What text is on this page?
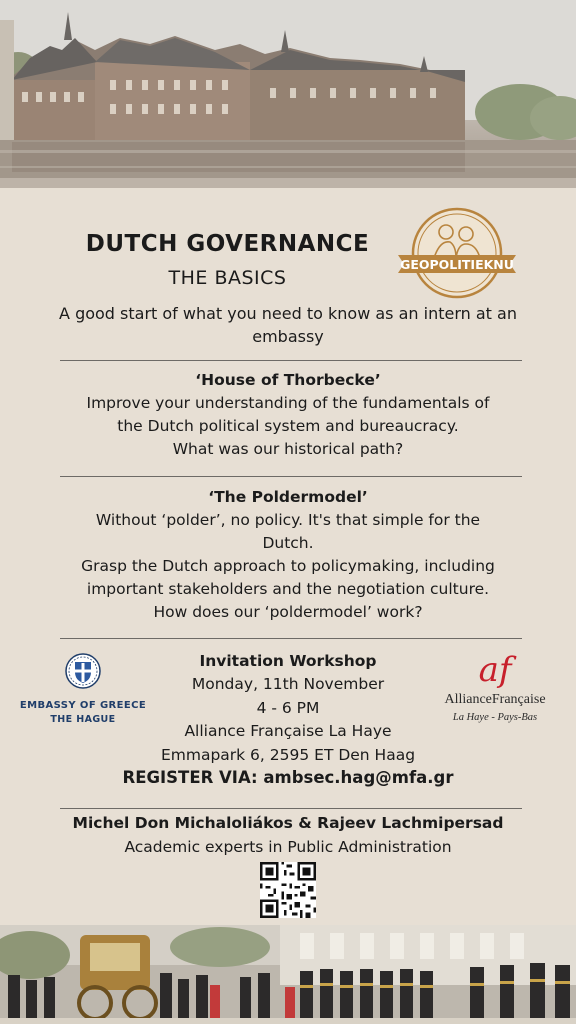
DUTCH GOVERNANCE
THE BASICS
GEOPOLITIEKNU
A good start of what you need to know as an intern at an embassy
‘House of Thorbecke’
Improve your understanding of the fundamentals of
the Dutch political system and bureaucracy.
What was our historical path?
‘The Poldermodel’
Without ‘polder’, no policy. It's that simple for the
Dutch.
Grasp the Dutch approach to policymaking, including
important stakeholders and the negotiation culture.
How does our ‘poldermodel’ work?
EMBASSY OF GREECE
THE HAGUE
Invitation Workshop
Monday, 11th November
4 - 6 PM
Alliance Française La Haye
Emmapark 6, 2595 ET Den Haag
af
AllianceFrançaise
La Haye - Pays-Bas
REGISTER VIA: ambsec.hag@mfa.gr
Michel Don Michaloliákos & Rajeev Lachmipersad
Academic experts in Public Administration
